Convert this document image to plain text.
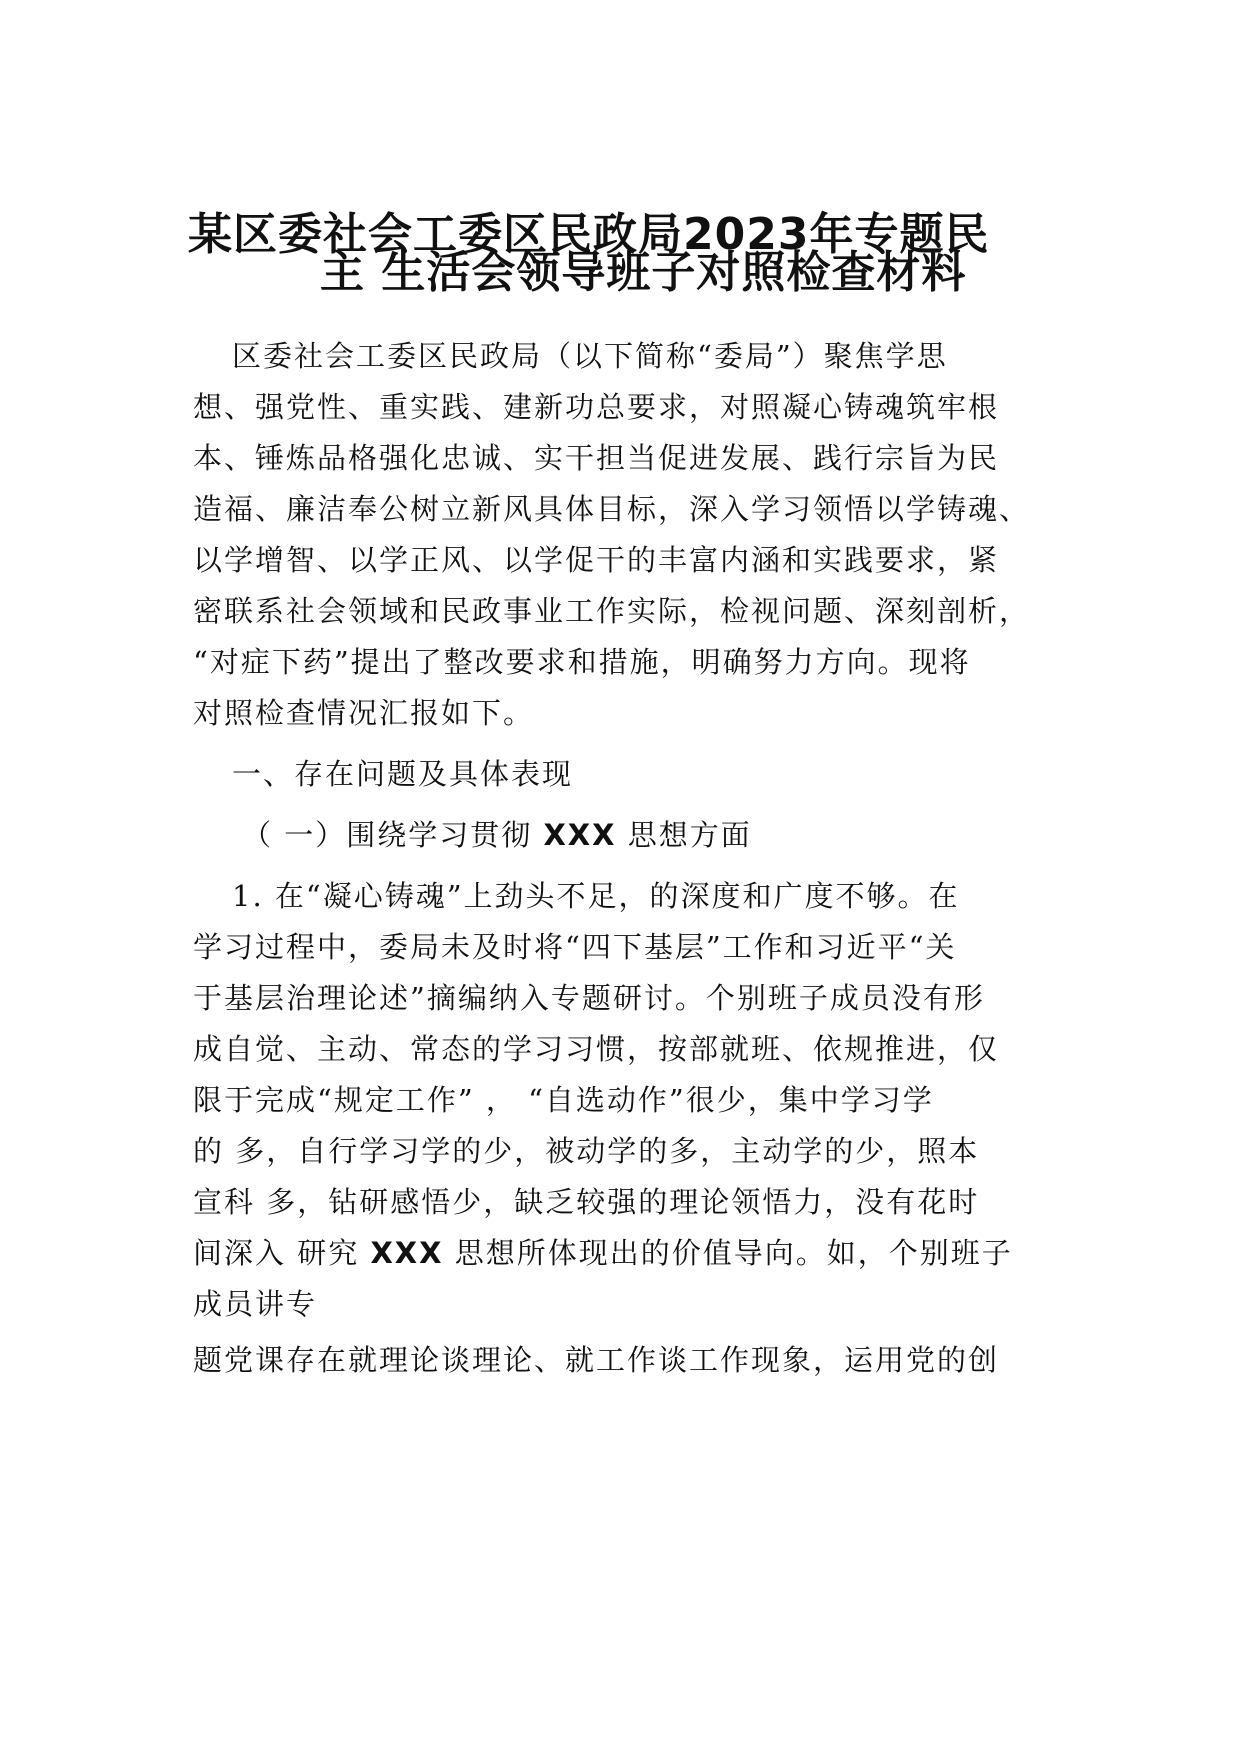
某区委社会工委区民政局2023年专题民
主 生活会领导班子对照检查材料
区委社会工委区民政局（以下简称“委局”）聚焦学思
想、强党性、重实践、建新功总要求，对照凝心铸魂筑牢根
本、锤炼品格强化忠诚、实干担当促进发展、践行宗旨为民
造福、廉洁奉公树立新风具体目标，深入学习领悟以学铸魂、
以学增智、以学正风、以学促干的丰富内涵和实践要求，紧
密联系社会领域和民政事业工作实际，检视问题、深刻剖析，
“对症下药”提出了整改要求和措施，明确努力方向。现将
对照检查情况汇报如下。
一、存在问题及具体表现
（ 一）围绕学习贯彻 XXX 思想方面
1. 在“凝心铸魂”上劲头不足，的深度和广度不够。在
学习过程中，委局未及时将“四下基层”工作和习近平“关
于基层治理论述”摘编纳入专题研讨。个别班子成员没有形
成自觉、主动、常态的学习习惯，按部就班、依规推进，仅
限于完成“规定工作” ， “自选动作”很少，集中学习学
的 多，自行学习学的少，被动学的多，主动学的少，照本
宣科 多，钻研感悟少，缺乏较强的理论领悟力，没有花时
间深入 研究 XXX 思想所体现出的价值导向。如，个别班子
成员讲专
题党课存在就理论谈理论、就工作谈工作现象，运用党的创
